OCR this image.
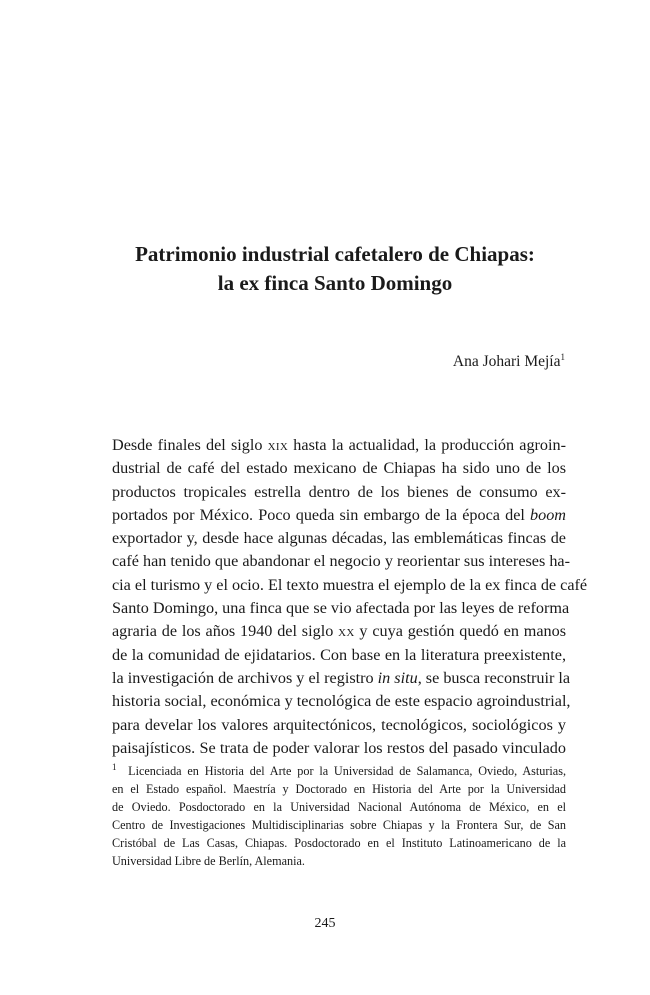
Patrimonio industrial cafetalero de Chiapas:
la ex finca Santo Domingo
Ana Johari Mejía$^1$
Desde finales del siglo xix hasta la actualidad, la producción agroin-
dustrial de café del estado mexicano de Chiapas ha sido uno de los
productos tropicales estrella dentro de los bienes de consumo ex-
portados por México. Poco queda sin embargo de la época del boom
exportador y, desde hace algunas décadas, las emblemáticas fincas de
café han tenido que abandonar el negocio y reorientar sus intereses ha-
cia el turismo y el ocio. El texto muestra el ejemplo de la ex finca de café
Santo Domingo, una finca que se vio afectada por las leyes de reforma
agraria de los años 1940 del siglo xx y cuya gestión quedó en manos
de la comunidad de ejidatarios. Con base en la literatura preexistente,
la investigación de archivos y el registro in situ, se busca reconstruir la
historia social, económica y tecnológica de este espacio agroindustrial,
para develar los valores arquitectónicos, tecnológicos, sociológicos y
paisajísticos. Se trata de poder valorar los restos del pasado vinculado
$^1$ Licenciada en Historia del Arte por la Universidad de Salamanca, Oviedo, Asturias,
en el Estado español. Maestría y Doctorado en Historia del Arte por la Universidad
de Oviedo. Posdoctorado en la Universidad Nacional Autónoma de México, en el
Centro de Investigaciones Multidisciplinarias sobre Chiapas y la Frontera Sur, de San
Cristóbal de Las Casas, Chiapas. Posdoctorado en el Instituto Latinoamericano de la
Universidad Libre de Berlín, Alemania.
245
